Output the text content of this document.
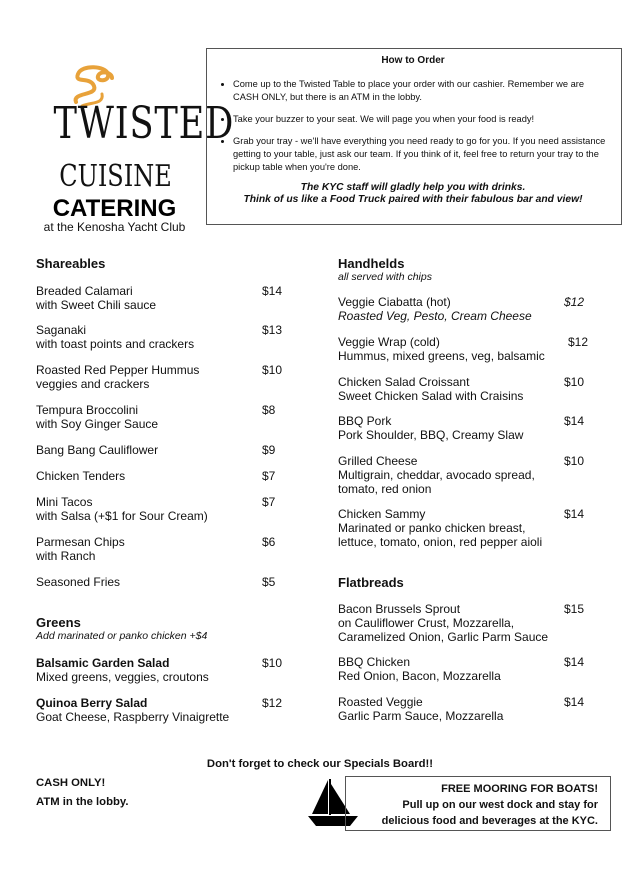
TWISTED
CUISINE
CATERING
at the Kenosha Yacht Club
How to Order
• Come up to the Twisted Table to place your order with our cashier. Remember we are CASH ONLY, but there is an ATM in the lobby.
• Take your buzzer to your seat. We will page you when your food is ready!
• Grab your tray - we'll have everything you need ready to go for you. If you need assistance getting to your table, just ask our team. If you think of it, feel free to return your tray to the pickup table when you're done.
The KYC staff will gladly help you with drinks.
Think of us like a Food Truck paired with their fabulous bar and view!
Shareables
Breaded Calamari
with Sweet Chili sauce
$14
Saganaki
with toast points and crackers
$13
Roasted Red Pepper Hummus
veggies and crackers
$10
Tempura Broccolini
with Soy Ginger Sauce
$8
Bang Bang Cauliflower	$9
Chicken Tenders	$7
Mini Tacos
with Salsa (+$1 for Sour Cream)
$7
Parmesan Chips
with Ranch
$6
Seasoned Fries	$5
Greens
Add marinated or panko chicken +$4
Balsamic Garden Salad
Mixed greens, veggies, croutons
$10
Quinoa Berry Salad
Goat Cheese, Raspberry Vinaigrette
$12
Handhelds
all served with chips
Veggie Ciabatta (hot)
Roasted Veg, Pesto, Cream Cheese
$12
Veggie Wrap (cold)
Hummus, mixed greens, veg, balsamic
$12
Chicken Salad Croissant
Sweet Chicken Salad with Craisins
$10
BBQ Pork
Pork Shoulder, BBQ, Creamy Slaw
$14
Grilled Cheese
Multigrain, cheddar, avocado spread,
tomato, red onion
$10
Chicken Sammy
Marinated or panko chicken breast,
lettuce, tomato, onion, red pepper aioli
$14
Flatbreads
Bacon Brussels Sprout
on Cauliflower Crust, Mozzarella,
Caramelized Onion, Garlic Parm Sauce
$15
BBQ Chicken
Red Onion, Bacon, Mozzarella
$14
Roasted Veggie
Garlic Parm Sauce, Mozzarella
$14
Don't forget to check our Specials Board!!
CASH ONLY!
ATM in the lobby.
FREE MOORING FOR BOATS!
Pull up on our west dock and stay for
delicious food and beverages at the KYC.
